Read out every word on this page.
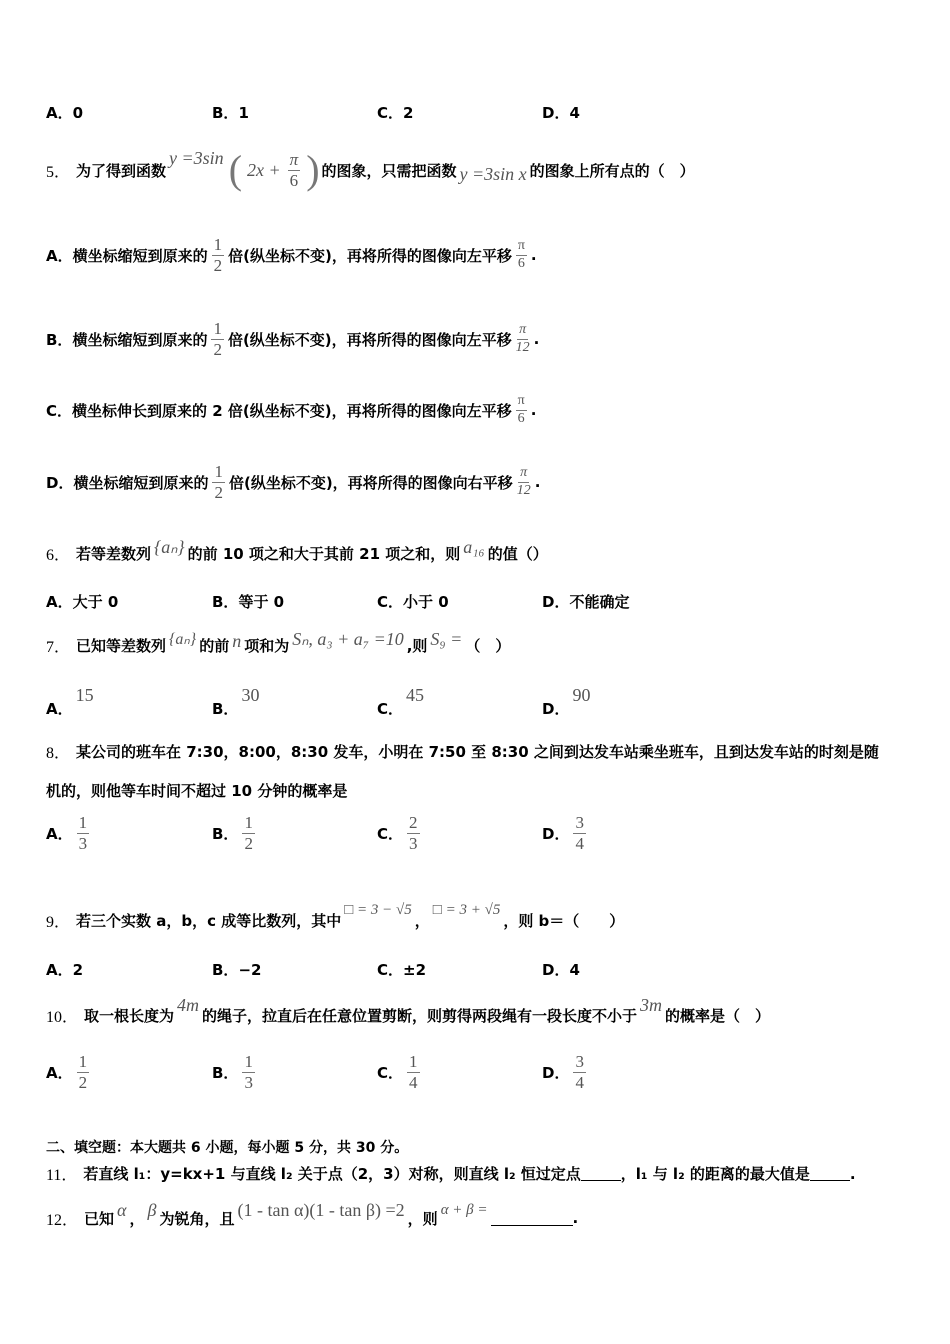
A． 0	B． 1	C． 2	D． 4
5． 为了得到函数
y =3sin ( $2x + \frac{\pi}{6}$ ) 的图象，只需把函数 y =3sin x 的图象上所有点的（　）
A． 横坐标缩短到原来的 $\frac{1}{2}$ 倍(纵坐标不变)，再将所得的图像向左平移 $\frac{\pi}{6}$ .
B． 横坐标缩短到原来的 $\frac{1}{2}$ 倍(纵坐标不变)，再将所得的图像向左平移 $\frac{\pi}{12}$ .
C． 横坐标伸长到原来的 2 倍(纵坐标不变)，再将所得的图像向左平移 $\frac{\pi}{6}$ .
D． 横坐标缩短到原来的 $\frac{1}{2}$ 倍(纵坐标不变)，再将所得的图像向右平移 $\frac{\pi}{12}$ .
6． 若等差数列 {aₙ} 的前 10 项之和大于其前 21 项之和，则 a₁₆ 的值（）
A． 大于 0	B． 等于 0	C． 小于 0	D． 不能确定
7． 已知等差数列 {aₙ} 的前 n 项和为 Sₙ, a₃ + a₇ =10 ,则 S₉ = （　）
A．
15
B．
30
C．
45
D．
90
8． 某公司的班车在 7:30，8:00，8:30 发车，小明在 7:50 至 8:30 之间到达发车站乘坐班车，且到达发车站的时刻是随
机的，则他等车时间不超过 10 分钟的概率是
A． $\frac{1}{3}$	B． $\frac{1}{2}$	C． $\frac{2}{3}$	D． $\frac{3}{4}$
9． 若三个实数 a，b，c 成等比数列，其中
□ = 3 − √5
，
□ = 3 + √5
，则 b＝（　　）
A． 2	B． −2	C． ±2	D． 4
10． 取一根长度为
4m
的绳子，拉直后在任意位置剪断，则剪得两段绳有一段长度不小于
3m
的概率是（　）
A． $\frac{1}{2}$	B． $\frac{1}{3}$	C． $\frac{1}{4}$	D． $\frac{3}{4}$
二、填空题：本大题共 6 小题，每小题 5 分，共 30 分。
11． 若直线 l₁：y=kx+1 与直线 l₂ 关于点（2，3）对称，则直线 l₂ 恒过定点	，l₁ 与 l₂ 的距离的最大值是	.
12． 已知 α ， β 为锐角，且 (1 - tan α)(1 - tan β) =2 ，则 α + β =	.
